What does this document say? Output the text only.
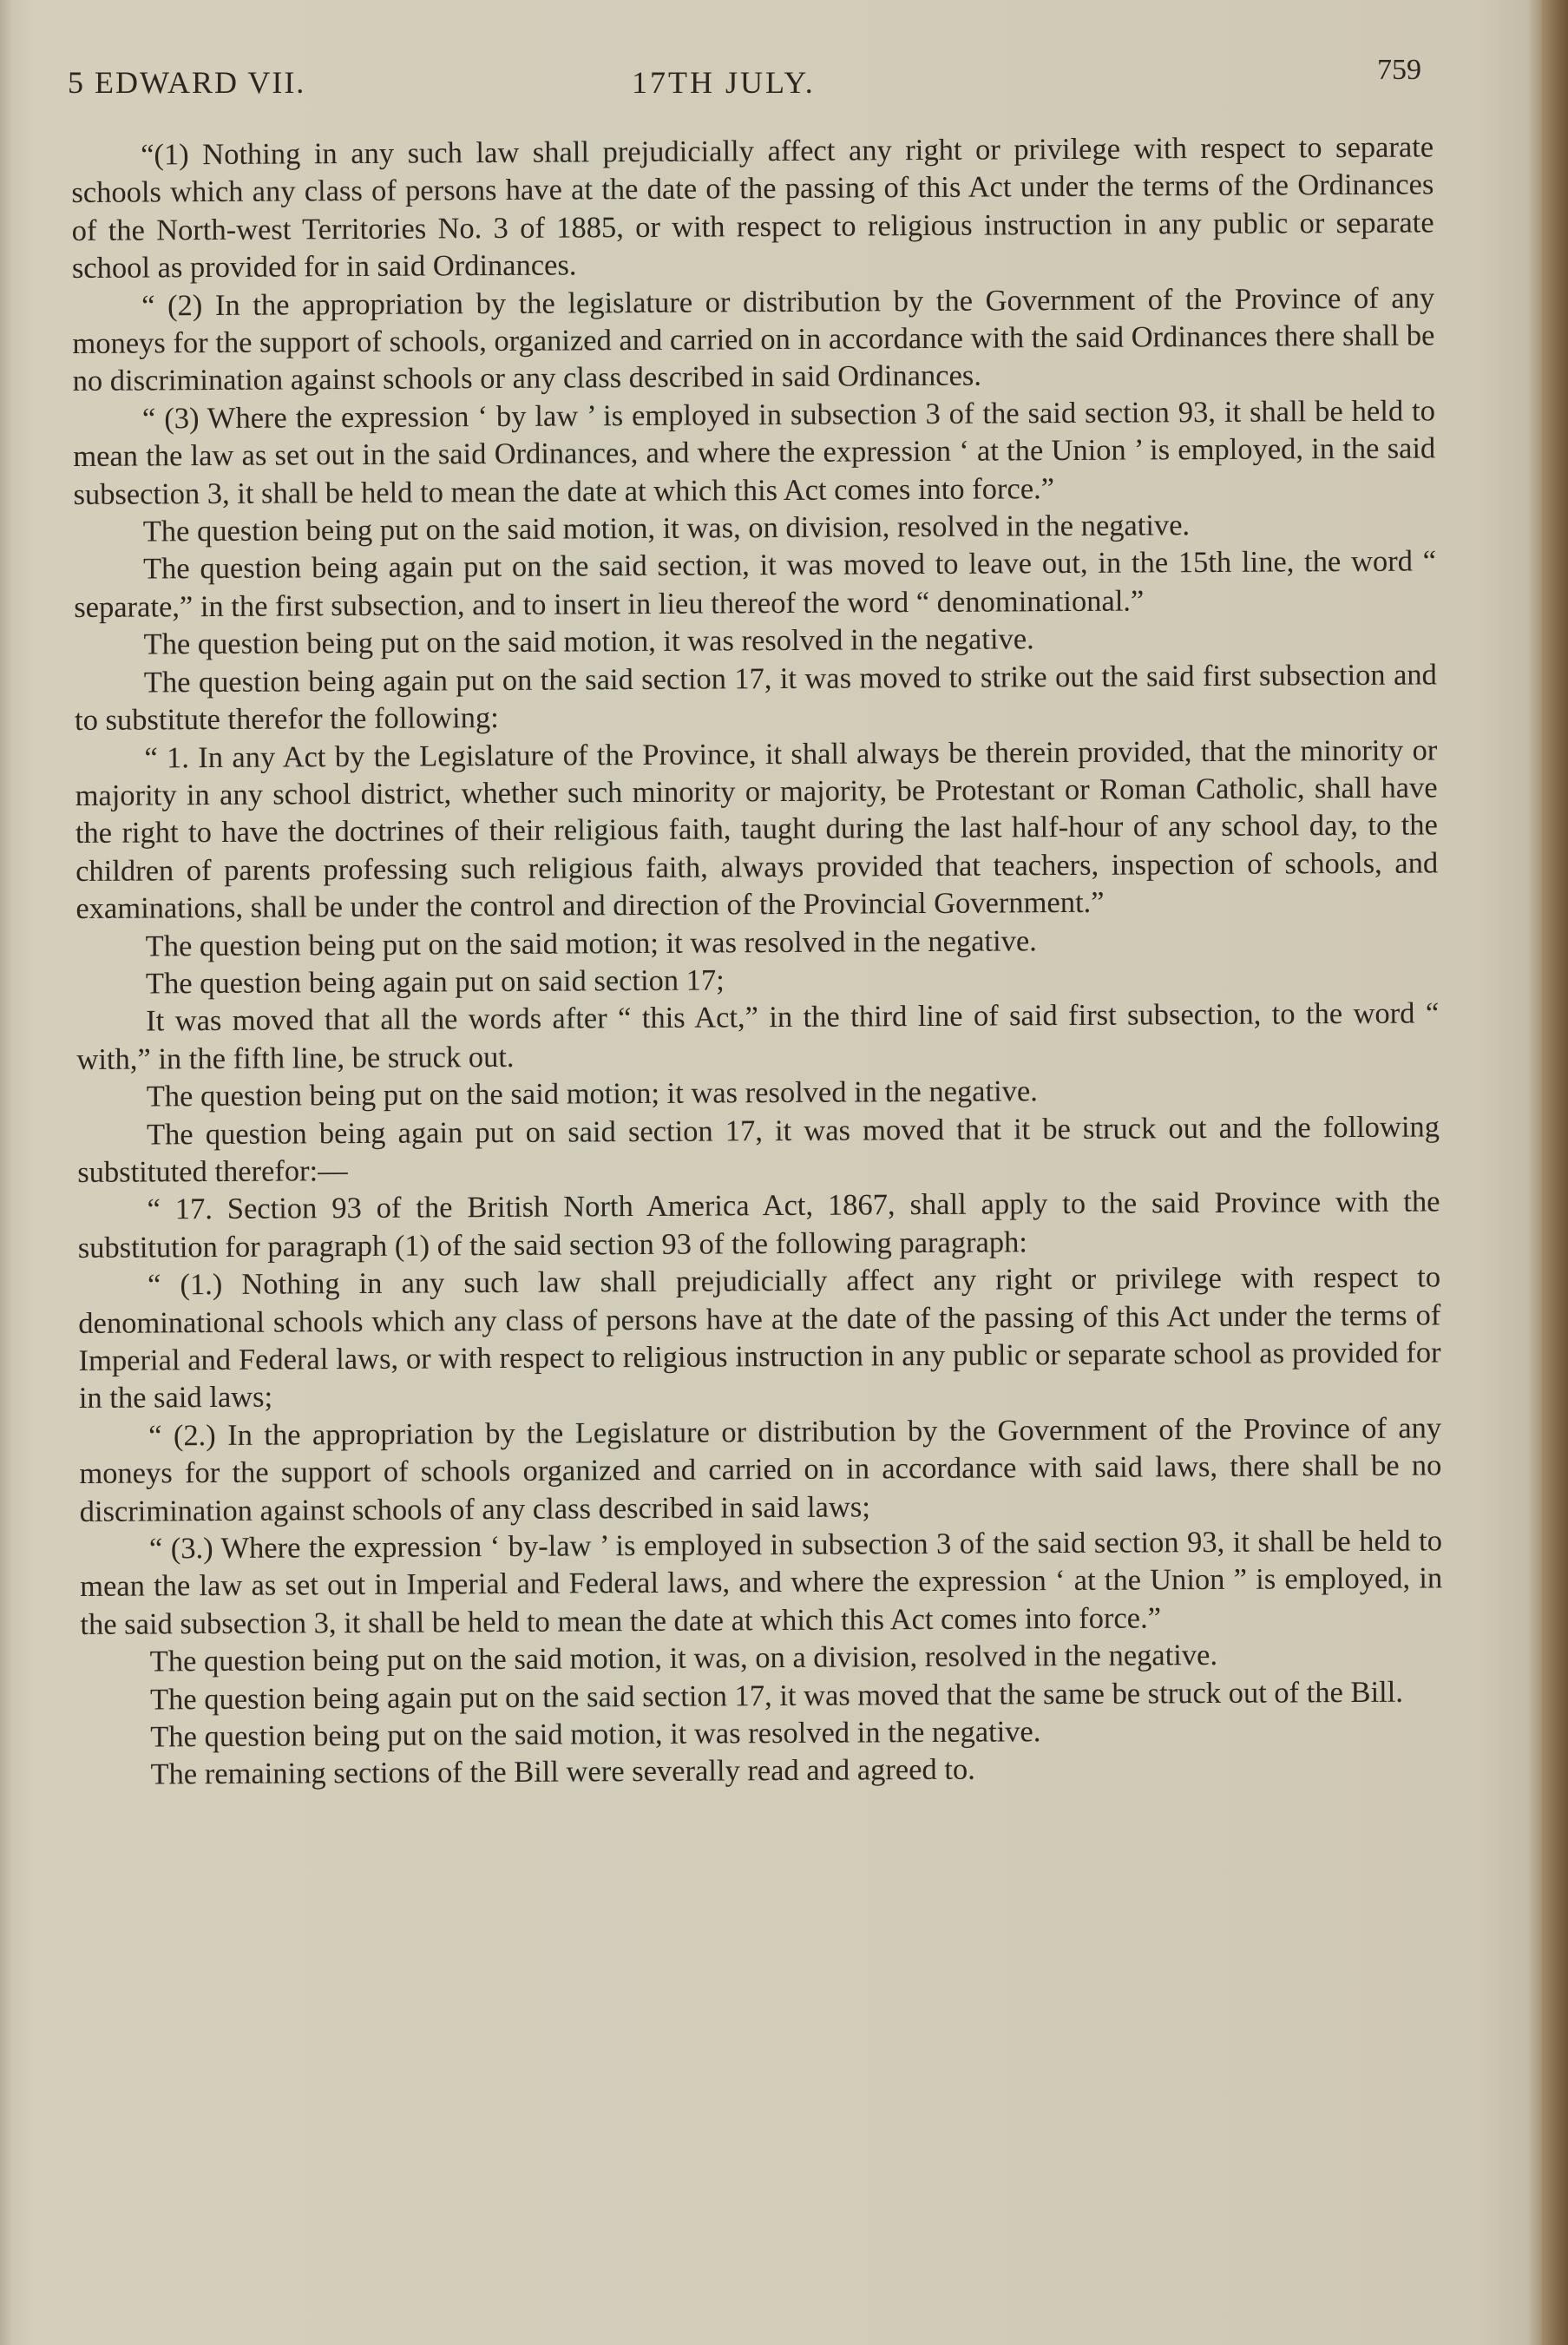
5 EDWARD VII.	17TH JULY.	759

“(1) Nothing in any such law shall prejudicially affect any right or privilege with respect to separate schools which any class of persons have at the date of the passing of this Act under the terms of the Ordinances of the North-west Territories No. 3 of 1885, or with respect to religious instruction in any public or separate school as provided for in said Ordinances.

“ (2) In the appropriation by the legislature or distribution by the Government of the Province of any moneys for the support of schools, organized and carried on in accordance with the said Ordinances there shall be no discrimination against schools or any class described in said Ordinances.

“ (3) Where the expression ‘ by law ’ is employed in subsection 3 of the said section 93, it shall be held to mean the law as set out in the said Ordinances, and where the expression ‘ at the Union ’ is employed, in the said subsection 3, it shall be held to mean the date at which this Act comes into force.”

The question being put on the said motion, it was, on division, resolved in the negative.

The question being again put on the said section, it was moved to leave out, in the 15th line, the word “ separate,” in the first subsection, and to insert in lieu thereof the word “ denominational.”

The question being put on the said motion, it was resolved in the negative.

The question being again put on the said section 17, it was moved to strike out the said first subsection and to substitute therefor the following:

“ 1. In any Act by the Legislature of the Province, it shall always be therein provided, that the minority or majority in any school district, whether such minority or majority, be Protestant or Roman Catholic, shall have the right to have the doctrines of their religious faith, taught during the last half-hour of any school day, to the children of parents professing such religious faith, always provided that teachers, inspection of schools, and examinations, shall be under the control and direction of the Provincial Government.”

The question being put on the said motion; it was resolved in the negative.

The question being again put on said section 17;

It was moved that all the words after “ this Act,” in the third line of said first subsection, to the word “ with,” in the fifth line, be struck out.

The question being put on the said motion; it was resolved in the negative.

The question being again put on said section 17, it was moved that it be struck out and the following substituted therefor:—

“ 17. Section 93 of the British North America Act, 1867, shall apply to the said Province with the substitution for paragraph (1) of the said section 93 of the following paragraph:

“ (1.) Nothing in any such law shall prejudicially affect any right or privilege with respect to denominational schools which any class of persons have at the date of the passing of this Act under the terms of Imperial and Federal laws, or with respect to religious instruction in any public or separate school as provided for in the said laws;

“ (2.) In the appropriation by the Legislature or distribution by the Government of the Province of any moneys for the support of schools organized and carried on in accordance with said laws, there shall be no discrimination against schools of any class described in said laws;

“ (3.) Where the expression ‘ by-law ’ is employed in subsection 3 of the said section 93, it shall be held to mean the law as set out in Imperial and Federal laws, and where the expression ‘ at the Union ” is employed, in the said subsection 3, it shall be held to mean the date at which this Act comes into force.”

The question being put on the said motion, it was, on a division, resolved in the negative.

The question being again put on the said section 17, it was moved that the same be struck out of the Bill.

The question being put on the said motion, it was resolved in the negative.

The remaining sections of the Bill were severally read and agreed to.
